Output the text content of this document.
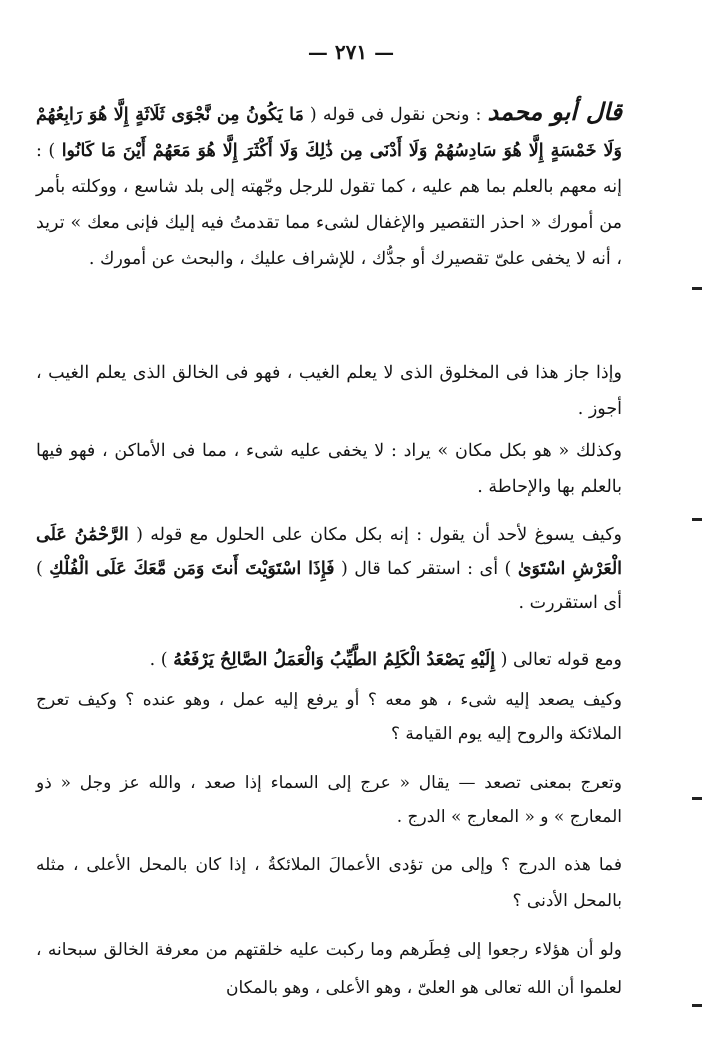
— ٢٧١ —
قال أبو محمد : ونحن نقول فى قوله ( مَا يَكُونُ مِن نَّجْوَى ثَلَاثَةٍ إِلَّا هُوَ رَابِعُهُمْ وَلَا خَمْسَةٍ إِلَّا هُوَ سَادِسُهُمْ وَلَا أَدْنَى مِن ذَٰلِكَ وَلَا أَكْثَرَ إِلَّا هُوَ مَعَهُمْ أَيْنَ مَا كَانُوا ) : إنه معهم بالعلم بما هم عليه ، كما تقول للرجل وجّهته إلى بلد شاسع ، ووكلته بأمر من أمورك « احذر التقصير والإغفال لشىء مما تقدمتُ فيه إليك فإنى معك » تريد ، أنه لا يخفى علىّ تقصيرك أو جدُّك ، للإشراف عليك ، والبحث عن أمورك .
وإذا جاز هذا فى المخلوق الذى لا يعلم الغيب ، فهو فى الخالق الذى يعلم الغيب ، أجوز .
وكذلك « هو بكل مكان » يراد : لا يخفى عليه شىء ، مما فى الأماكن ، فهو فيها بالعلم بها والإحاطة .
وكيف يسوغ لأحد أن يقول : إنه بكل مكان على الحلول مع قوله ( الرَّحْمَٰنُ عَلَى الْعَرْشِ اسْتَوَىٰ ) أى : استقر كما قال ( فَإِذَا اسْتَوَيْتَ أَنتَ وَمَن مَّعَكَ عَلَى الْفُلْكِ ) أى استقررت .
ومع قوله تعالى ( إِلَيْهِ يَصْعَدُ الْكَلِمُ الطَّيِّبُ وَالْعَمَلُ الصَّالِحُ يَرْفَعُهُ ) .
وكيف يصعد إليه شىء ، هو معه ؟ أو يرفع إليه عمل ، وهو عنده ؟ وكيف تعرج الملائكة والروح إليه يوم القيامة ؟
وتعرج بمعنى تصعد — يقال « عرج إلى السماء إذا صعد ، والله عز وجل « ذو المعارج » و « المعارج » الدرج .
فما هذه الدرج ؟ وإلى من تؤدى الأعمالَ الملائكةُ ، إذا كان بالمحل الأعلى ، مثله بالمحل الأدنى ؟
ولو أن هؤلاء رجعوا إلى فِطَرهم وما ركبت عليه خلقتهم من معرفة الخالق سبحانه ، لعلموا أن الله تعالى هو العلىّ ، وهو الأعلى ، وهو بالمكان
